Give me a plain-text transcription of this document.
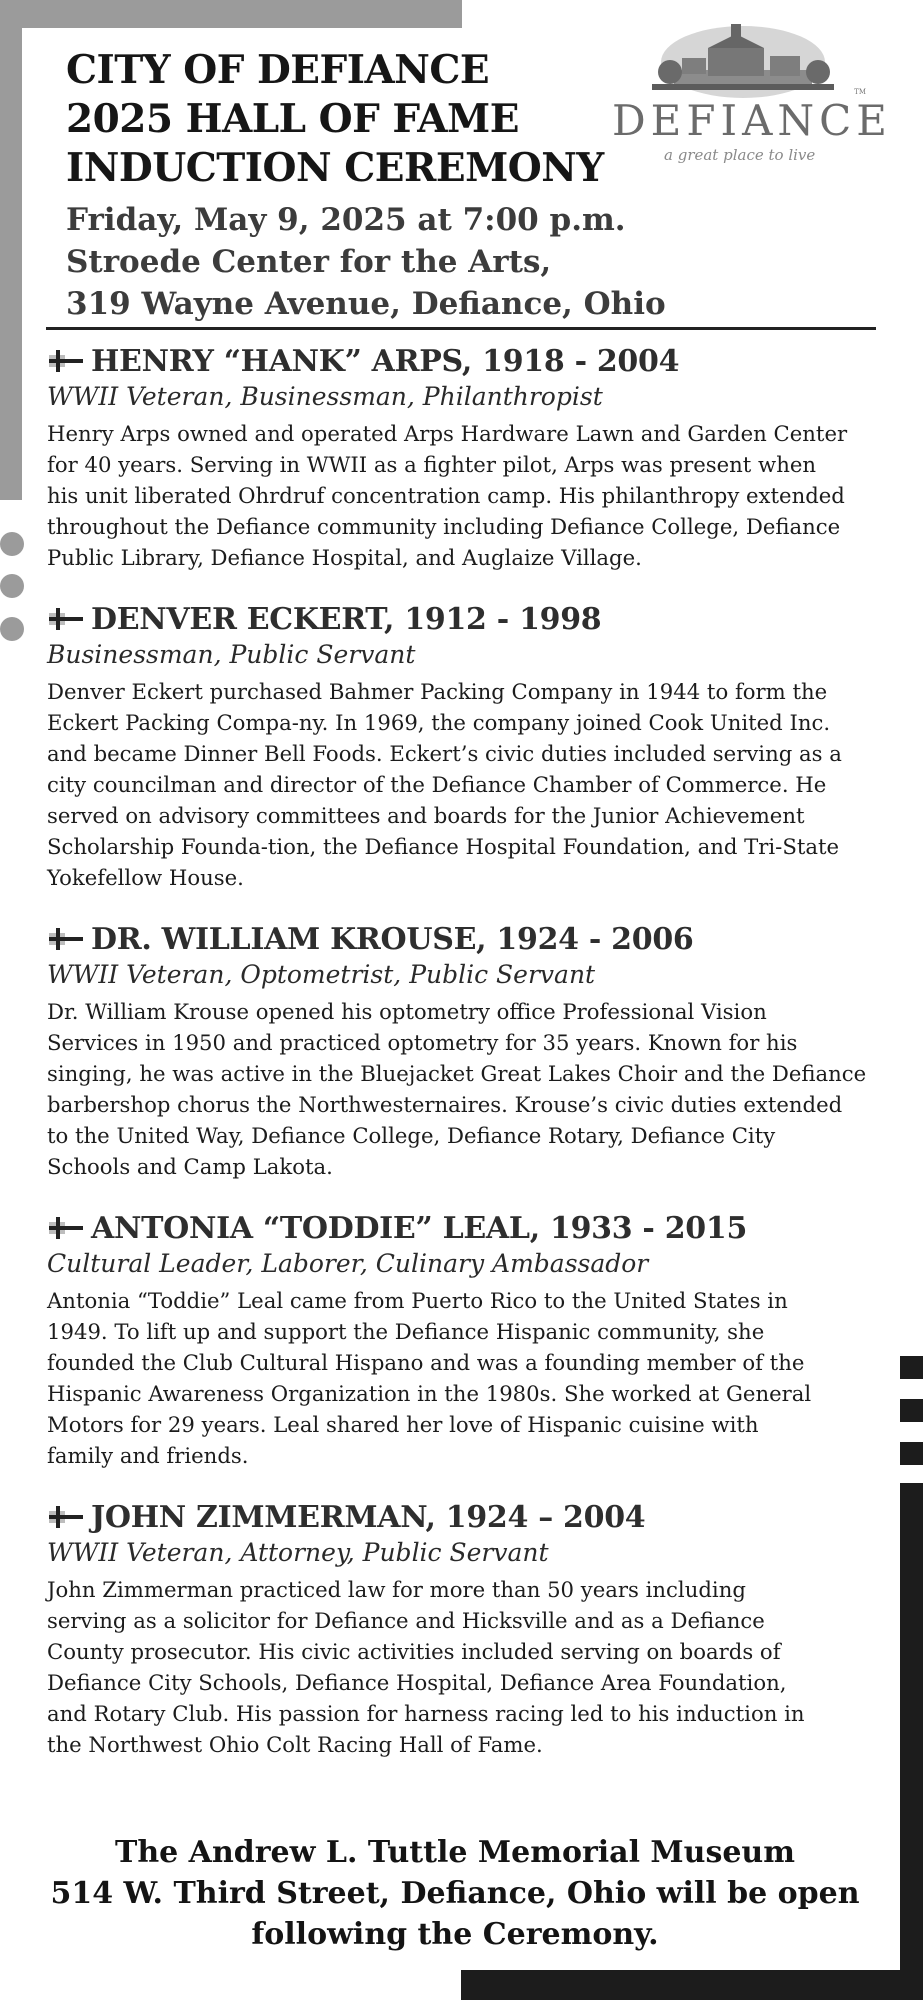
CITY OF DEFIANCE
2025 HALL OF FAME
INDUCTION CEREMONY
Friday, May 9, 2025 at 7:00 p.m.
Stroede Center for the Arts,
319 Wayne Avenue, Defiance, Ohio
DEFIANCE
TM
a great place to live
HENRY “HANK” ARPS, 1918 - 2004
WWII Veteran, Businessman, Philanthropist
Henry Arps owned and operated Arps Hardware Lawn and Garden Center
for 40 years. Serving in WWII as a fighter pilot, Arps was present when
his unit liberated Ohrdruf concentration camp. His philanthropy extended
throughout the Defiance community including Defiance College, Defiance
Public Library, Defiance Hospital, and Auglaize Village.
DENVER ECKERT, 1912 - 1998
Businessman, Public Servant
Denver Eckert purchased Bahmer Packing Company in 1944 to form the
Eckert Packing Compa-ny. In 1969, the company joined Cook United Inc.
and became Dinner Bell Foods. Eckert’s civic duties included serving as a
city councilman and director of the Defiance Chamber of Commerce. He
served on advisory committees and boards for the Junior Achievement
Scholarship Founda-tion, the Defiance Hospital Foundation, and Tri-State
Yokefellow House.
DR. WILLIAM KROUSE, 1924 - 2006
WWII Veteran, Optometrist, Public Servant
Dr. William Krouse opened his optometry office Professional Vision
Services in 1950 and practiced optometry for 35 years. Known for his
singing, he was active in the Bluejacket Great Lakes Choir and the Defiance
barbershop chorus the Northwesternaires. Krouse’s civic duties extended
to the United Way, Defiance College, Defiance Rotary, Defiance City
Schools and Camp Lakota.
ANTONIA “TODDIE” LEAL, 1933 - 2015
Cultural Leader, Laborer, Culinary Ambassador
Antonia “Toddie” Leal came from Puerto Rico to the United States in
1949. To lift up and support the Defiance Hispanic community, she
founded the Club Cultural Hispano and was a founding member of the
Hispanic Awareness Organization in the 1980s. She worked at General
Motors for 29 years. Leal shared her love of Hispanic cuisine with
family and friends.
JOHN ZIMMERMAN, 1924 – 2004
WWII Veteran, Attorney, Public Servant
John Zimmerman practiced law for more than 50 years including
serving as a solicitor for Defiance and Hicksville and as a Defiance
County prosecutor. His civic activities included serving on boards of
Defiance City Schools, Defiance Hospital, Defiance Area Foundation,
and Rotary Club. His passion for harness racing led to his induction in
the Northwest Ohio Colt Racing Hall of Fame.
The Andrew L. Tuttle Memorial Museum
514 W. Third Street, Defiance, Ohio will be open
following the Ceremony.
